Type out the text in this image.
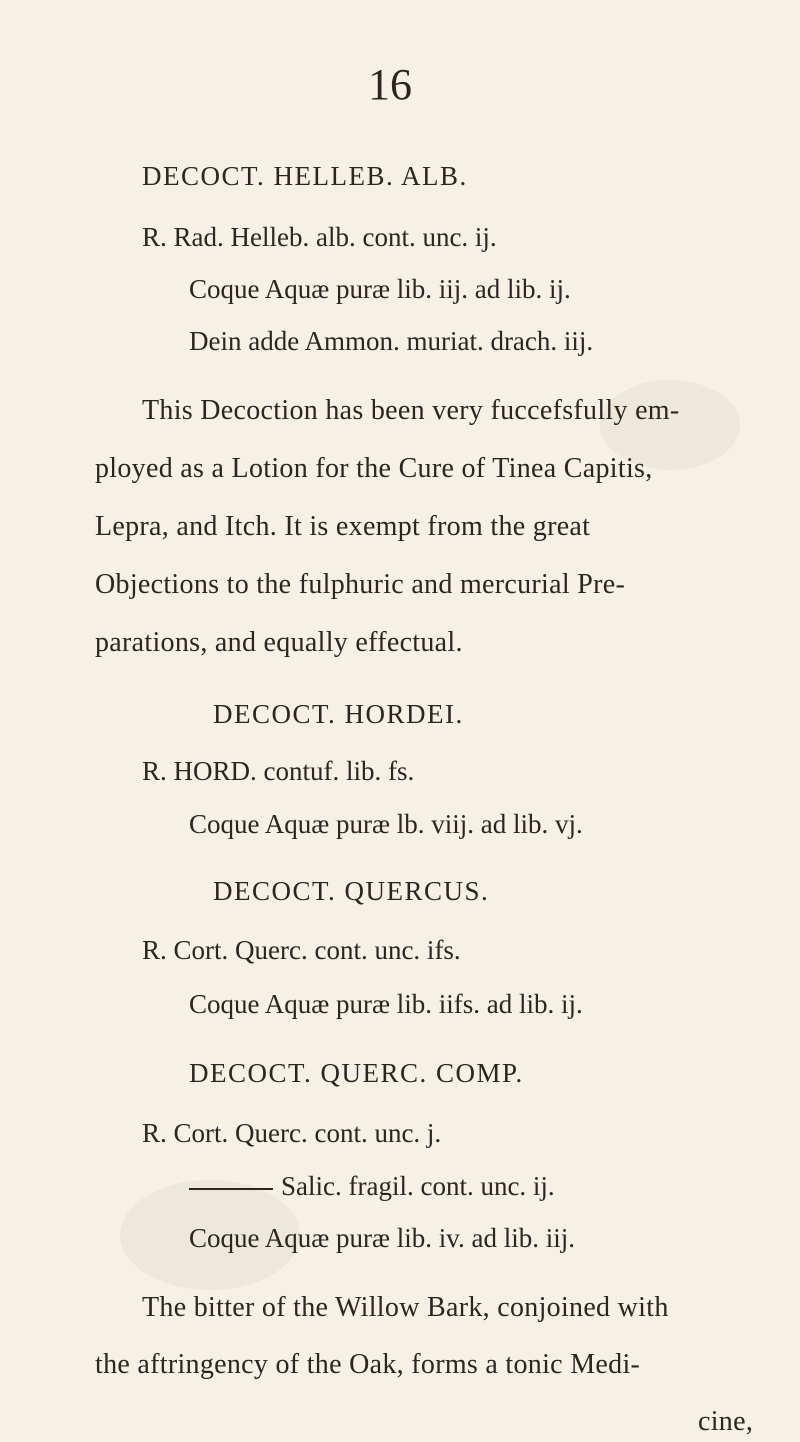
16
DECOCT. HELLEB. ALB.
R. Rad. Helleb. alb. cont. unc. ij.
Coque Aquæ puræ lib. iij. ad lib. ij.
Dein adde Ammon. muriat. drach. iij.
This Decoction has been very fuccefsfully em-
ployed as a Lotion for the Cure of Tinea Capitis,
Lepra, and Itch. It is exempt from the great
Objections to the fulphuric and mercurial Pre-
parations, and equally effectual.
DECOCT. HORDEI.
R. HORD. contuf. lib. fs.
Coque Aquæ puræ lb. viij. ad lib. vj.
DECOCT. QUERCUS.
R. Cort. Querc. cont. unc. ifs.
Coque Aquæ puræ lib. iifs. ad lib. ij.
DECOCT. QUERC. COMP.
R. Cort. Querc. cont. unc. j.
Salic. fragil. cont. unc. ij.
Coque Aquæ puræ lib. iv. ad lib. iij.
The bitter of the Willow Bark, conjoined with
the aftringency of the Oak, forms a tonic Medi-
cine,
